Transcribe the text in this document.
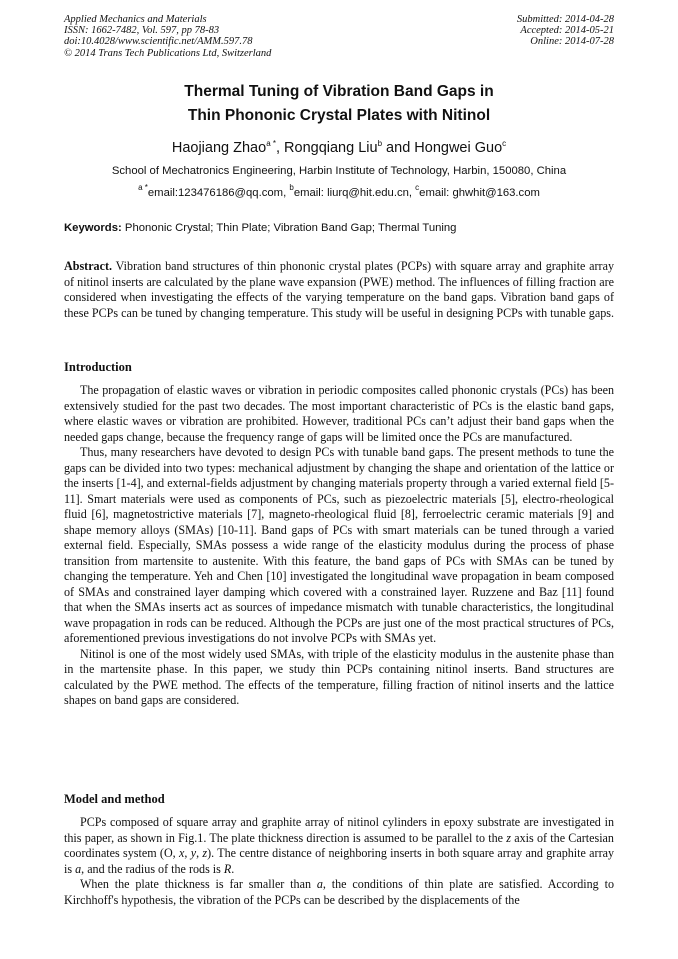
Applied Mechanics and Materials
ISSN: 1662-7482, Vol. 597, pp 78-83
doi:10.4028/www.scientific.net/AMM.597.78
© 2014 Trans Tech Publications Ltd, Switzerland
Submitted: 2014-04-28
Accepted: 2014-05-21
Online: 2014-07-28
Thermal Tuning of Vibration Band Gaps in
Thin Phononic Crystal Plates with Nitinol
Haojiang Zhao$^{a *}$, Rongqiang Liu$^b$ and Hongwei Guo$^c$
School of Mechatronics Engineering, Harbin Institute of Technology, Harbin, 150080, China
$^{a *}$email:123476186@qq.com, $^b$email: liurq@hit.edu.cn, $^c$email: ghwhit@163.com
Keywords: Phononic Crystal; Thin Plate; Vibration Band Gap; Thermal Tuning

Abstract. Vibration band structures of thin phononic crystal plates (PCPs) with square array and graphite array of nitinol inserts are calculated by the plane wave expansion (PWE) method. The influences of filling fraction are considered when investigating the effects of the varying temperature on the band gaps. Vibration band gaps of these PCPs can be tuned by changing temperature. This study will be useful in designing PCPs with tunable gaps.

Introduction

The propagation of elastic waves or vibration in periodic composites called phononic crystals (PCs) has been extensively studied for the past two decades. The most important characteristic of PCs is the elastic band gaps, where elastic waves or vibration are prohibited. However, traditional PCs can’t adjust their band gaps when the needed gaps change, because the frequency range of gaps will be limited once the PCs are manufactured.

Thus, many researchers have devoted to design PCs with tunable band gaps. The present methods to tune the gaps can be divided into two types: mechanical adjustment by changing the shape and orientation of the lattice or the inserts [1-4], and external-fields adjustment by changing materials property through a varied external field [5-11]. Smart materials were used as components of PCs, such as piezoelectric materials [5], electro-rheological fluid [6], magnetostrictive materials [7], magneto-rheological fluid [8], ferroelectric ceramic materials [9] and shape memory alloys (SMAs) [10-11]. Band gaps of PCs with smart materials can be tuned through a varied external field. Especially, SMAs possess a wide range of the elasticity modulus during the process of phase transition from martensite to austenite. With this feature, the band gaps of PCs with SMAs can be tuned by changing the temperature. Yeh and Chen [10] investigated the longitudinal wave propagation in beam composed of SMAs and constrained layer damping which covered with a constrained layer. Ruzzene and Baz [11] found that when the SMAs inserts act as sources of impedance mismatch with tunable characteristics, the longitudinal wave propagation in rods can be reduced. Although the PCPs are just one of the most practical structures of PCs, aforementioned previous investigations do not involve PCPs with SMAs yet.

Nitinol is one of the most widely used SMAs, with triple of the elasticity modulus in the austenite phase than in the martensite phase. In this paper, we study thin PCPs containing nitinol inserts. Band structures are calculated by the PWE method. The effects of the temperature, filling fraction of nitinol inserts and the lattice shapes on band gaps are considered.

Model and method

PCPs composed of square array and graphite array of nitinol cylinders in epoxy substrate are investigated in this paper, as shown in Fig.1. The plate thickness direction is assumed to be parallel to the z axis of the Cartesian coordinates system (O, x, y, z). The centre distance of neighboring inserts in both square array and graphite array is a, and the radius of the rods is R.

When the plate thickness is far smaller than a, the conditions of thin plate are satisfied. According to Kirchhoff's hypothesis, the vibration of the PCPs can be described by the displacements of the
